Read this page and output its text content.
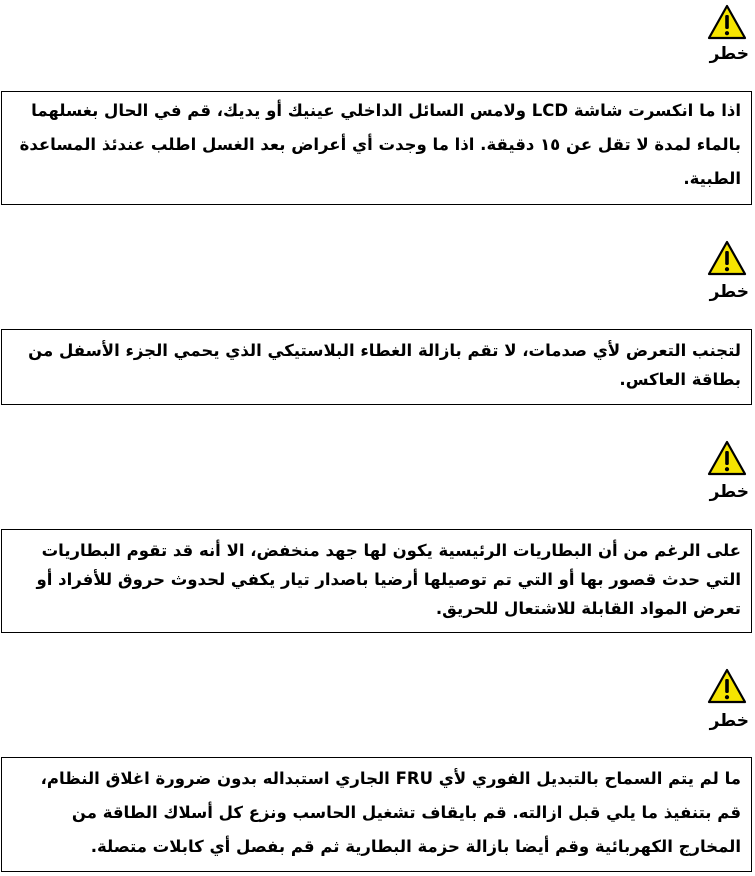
خطر

اذا ما انكسرت شاشة LCD ولامس السائل الداخلي عينيك أو يديك، قم في الحال بغسلهما بالماء لمدة لا تقل عن ١٥ دقيقة. اذا ما وجدت أي أعراض بعد الغسل اطلب عندئذ المساعدة الطبية.

خطر

لتجنب التعرض لأي صدمات، لا تقم بازالة الغطاء البلاستيكي الذي يحمي الجزء الأسفل من بطاقة العاكس.

خطر

على الرغم من أن البطاريات الرئيسية يكون لها جهد منخفض، الا أنه قد تقوم البطاريات التي حدث قصور بها أو التي تم توصيلها أرضيا باصدار تيار يكفي لحدوث حروق للأفراد أو تعرض المواد القابلة للاشتعال للحريق.

خطر

ما لم يتم السماح بالتبديل الفوري لأي FRU الجاري استبداله بدون ضرورة اغلاق النظام، قم بتنفيذ ما يلي قبل ازالته. قم بايقاف تشغيل الحاسب ونزع كل أسلاك الطاقة من المخارج الكهربائية وقم أيضا بازالة حزمة البطارية ثم قم بفصل أي كابلات متصلة.
